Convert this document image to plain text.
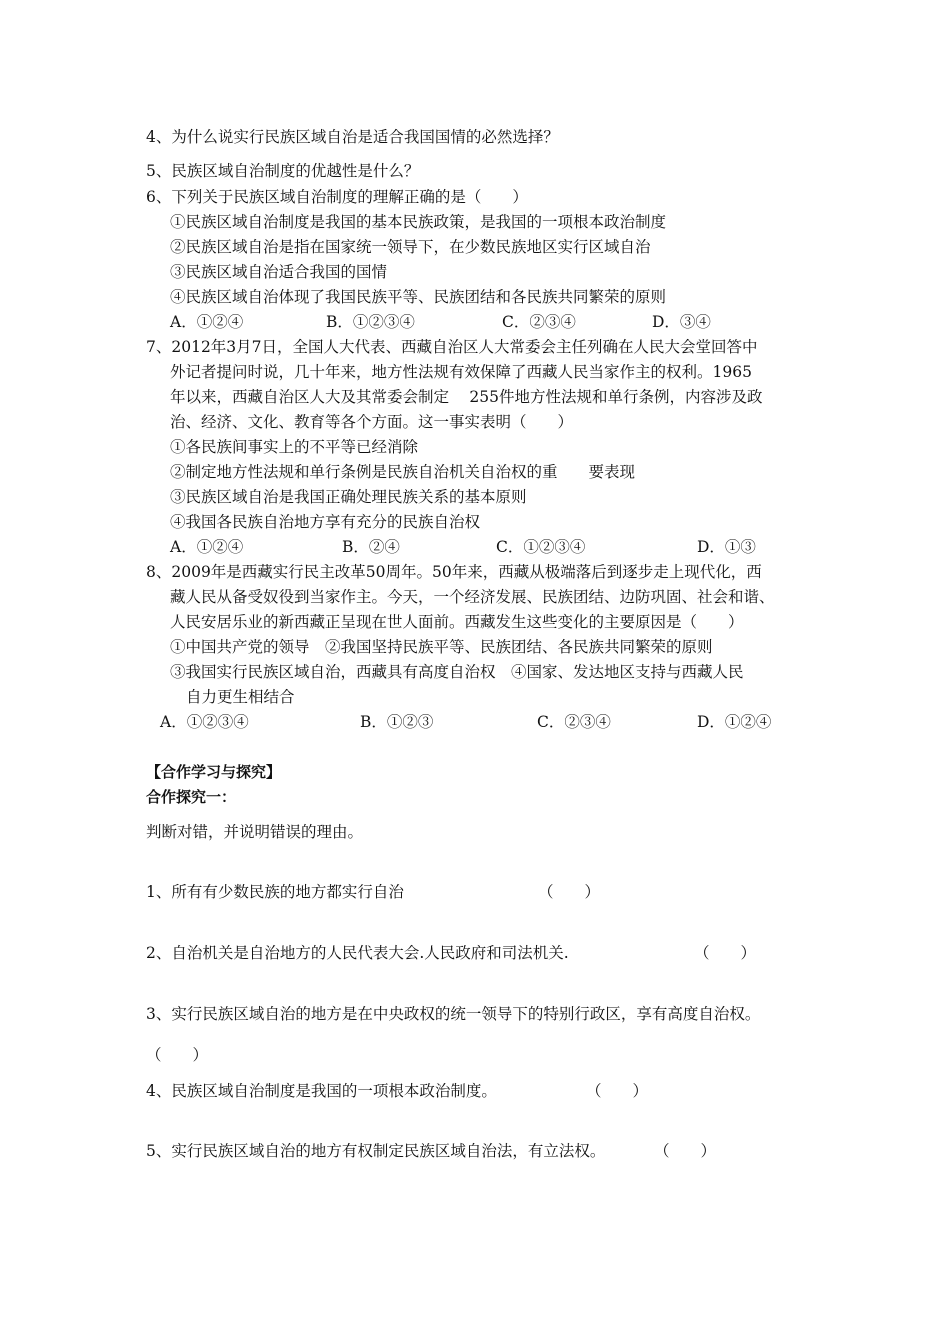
4、为什么说实行民族区域自治是适合我国国情的必然选择？
5、民族区域自治制度的优越性是什么？
6、下列关于民族区域自治制度的理解正确的是（　　）
①民族区域自治制度是我国的基本民族政策，是我国的一项根本政治制度
②民族区域自治是指在国家统一领导下，在少数民族地区实行区域自治
③民族区域自治适合我国的国情
④民族区域自治体现了我国民族平等、民族团结和各民族共同繁荣的原则
A．①②④	B．①②③④	C．②③④	D．③④
7、2012年3月7日，全国人大代表、西藏自治区人大常委会主任列确在人民大会堂回答中
外记者提问时说，几十年来，地方性法规有效保障了西藏人民当家作主的权利。1965
年以来，西藏自治区人大及其常委会制定　 255件地方性法规和单行条例，内容涉及政
治、经济、文化、教育等各个方面。这一事实表明（　　）
①各民族间事实上的不平等已经消除
②制定地方性法规和单行条例是民族自治机关自治权的重　　要表现
③民族区域自治是我国正确处理民族关系的基本原则
④我国各民族自治地方享有充分的民族自治权
A．①②④	B．②④	C．①②③④	D．①③
8、2009年是西藏实行民主改革50周年。50年来，西藏从极端落后到逐步走上现代化，西
藏人民从备受奴役到当家作主。今天，一个经济发展、民族团结、边防巩固、社会和谐、
人民安居乐业的新西藏正呈现在世人面前。西藏发生这些变化的主要原因是（　　）
①中国共产党的领导　②我国坚持民族平等、民族团结、各民族共同繁荣的原则
③我国实行民族区域自治，西藏具有高度自治权　④国家、发达地区支持与西藏人民
自力更生相结合
A．①②③④	B．①②③	C．②③④	D．①②④
【合作学习与探究】
合作探究一：
判断对错，并说明错误的理由。
1、所有有少数民族的地方都实行自治	（　　）
2、自治机关是自治地方的人民代表大会.人民政府和司法机关.	（　　）
3、实行民族区域自治的地方是在中央政权的统一领导下的特别行政区，享有高度自治权。
（　　）
4、民族区域自治制度是我国的一项根本政治制度。	（　　）
5、实行民族区域自治的地方有权制定民族区域自治法，有立法权。	（　　）
